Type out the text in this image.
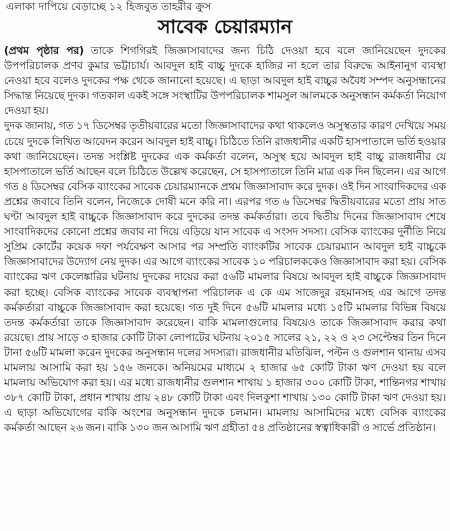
এলাকা দাপিয়ে বেড়াচ্ছে ১২ হিজবুত তাহরীর ক্রুস
সাবেক চেয়ারম্যান

(প্রথম পৃষ্ঠার পর) তাকে শিগগিরই জিজ্ঞাসাবাদের জন্য চিঠি দেওয়া হবে বলে জানিয়েছেন দুদকের উপপরিচালক প্রণব কুমার ভট্টাচার্য। আবদুল হাই বাচ্চু দুদকে হাজির না হলে তার বিরুদ্ধে আইনানুগ ব্যবস্থা নেওয়া হবে বলেও দুদকের পক্ষ থেকে জানানো হয়েছে। এ ছাড়া আবদুল হাই বাচ্চুর অবৈধ সম্পদ অনুসন্ধানের সিদ্ধান্ত নিয়েছে দুদক। গতকাল একই সঙ্গে সংস্থাটির উপপরিচালক শামসুল আলমকে অনুসন্ধান কর্মকর্তা নিয়োগ দেওয়া হয়।

দুদক জানায়, গত ১৭ ডিসেম্বর তৃতীয়বারের মতো জিজ্ঞাসাবাদের কথা থাকলেও অসুস্থতার কারণ দেখিয়ে সময় চেয়ে দুদকে লিখিত আবেদন করেন আবদুল হাই বাচ্চু। চিঠিতে তিনি রাজধানীর একটি হাসপাতালে ভর্তি হওয়ার কথা জানিয়েছেন। তদন্ত সংশ্লিষ্ট দুদকের এক কর্মকর্তা বলেন, অসুস্থ হয়ে আবদুল হাই বাচ্চু রাজধানীর যে হাসপাতালে ভর্তি আছেন বলে চিঠিতে উল্লেখ করেছেন, সে হাসপাতালে তিনি মাত্র এক দিন ছিলেন। এর আগে গত ৪ ডিসেম্বর বেসিক ব্যাংকের সাবেক চেয়ারম্যানকে প্রথম জিজ্ঞাসাবাদ করে দুদক। ওই দিন সাংবাদিকদের এক প্রশ্নের জবাবে তিনি বলেন, নিজেকে দোষী মনে করি না। এরপর গত ৬ ডিসেম্বর দ্বিতীয়বারের মতো প্রায় সাত ঘণ্টা আবদুল হাই বাচ্চুকে জিজ্ঞাসাবাদ করে দুদকের তদন্ত কর্মকর্তারা। তবে দ্বিতীয় দিনের জিজ্ঞাসাবাদ শেষে সাংবাদিকদের কোনো প্রশ্নের জবাব না দিয়ে এড়িয়ে যান সাবেক এ সংসদ সদস্য। বেসিক ব্যাংকের দুর্নীতি নিয়ে সুপ্রিম কোর্টের কয়েক দফা পর্যবেক্ষণ আসার পর সম্প্রতি ব্যাংকটির সাবেক চেয়ারম্যান আবদুল হাই বাচ্চুকে জিজ্ঞাসাবাদের উদ্যোগ নেয় দুদক। এর আগে ব্যাংকের সাবেক ১০ পরিচালককেও জিজ্ঞাসাবাদ করা হয়। বেসিক ব্যাংকের ঋণ কেলেঙ্কারির ঘটনায় দুদকের দায়ের করা ৫৬টি মামলার বিষয়ে আবদুল হাই বাচ্চুকে জিজ্ঞাসাবাদ করা হচ্ছে। বেসিক ব্যাংকের সাবেক ব্যবস্থাপনা পরিচালক এ কে এম সাজেদুর রহমানসহ এর আগে তদন্ত কর্মকর্তারা বাচ্চুকে জিজ্ঞাসাবাদ করা হয়েছে। গত দুই দিনে ৫৬টি মামলার মধ্যে ১৫টি মামলার বিভিন্ন বিষয়ে তদন্ত কর্মকর্তারা তাকে জিজ্ঞাসাবাদ করেছেন। বাকি মামলাগুলোর বিষয়েও তাকে জিজ্ঞাসাবাদ করার কথা রয়েছে। প্রায় সাড়ে ৩ হাজার কোটি টাকা লোপাটের ঘটনায় ২০১৫ সালের ২১, ২২ ও ২৩ সেপ্টেম্বর তিন দিনে টানা ৫৬টি মামলা করেন দুদকের অনুসন্ধান দলের সদস্যরা। রাজধানীর মতিঝিল, পল্টন ও গুলশান থানায় এসব মামলায় আসামি করা হয় ১৫৬ জনকে। অনিয়মের মাধ্যমে ২ হাজার ৬৫ কোটি টাকা ঋণ দেওয়া হয় বলে মামলায় অভিযোগ করা হয়। এর মধ্যে রাজধানীর গুলশান শাখায় ১ হাজার ৩০০ কোটি টাকা, শান্তিনগর শাখায় ৩৮৭ কোটি টাকা, প্রধান শাখায় প্রায় ২৪৮ কোটি টাকা এবং দিলকুশা শাখায় ১৩০ কোটি টাকা ঋণ দেওয়া হয়। এ ছাড়া অভিযোগের বাকি অংশের অনুসন্ধান দুদকে চলমান। মামলায় আসামিদের মধ্যে বেসিক ব্যাংকের কর্মকর্তা আছেন ২৬ জন। বাকি ১৩০ জন আসামি ঋণ গ্রহীতা ৫৪ প্রতিষ্ঠানের স্বত্বাধিকারী ও সার্ভে প্রতিষ্ঠান।
